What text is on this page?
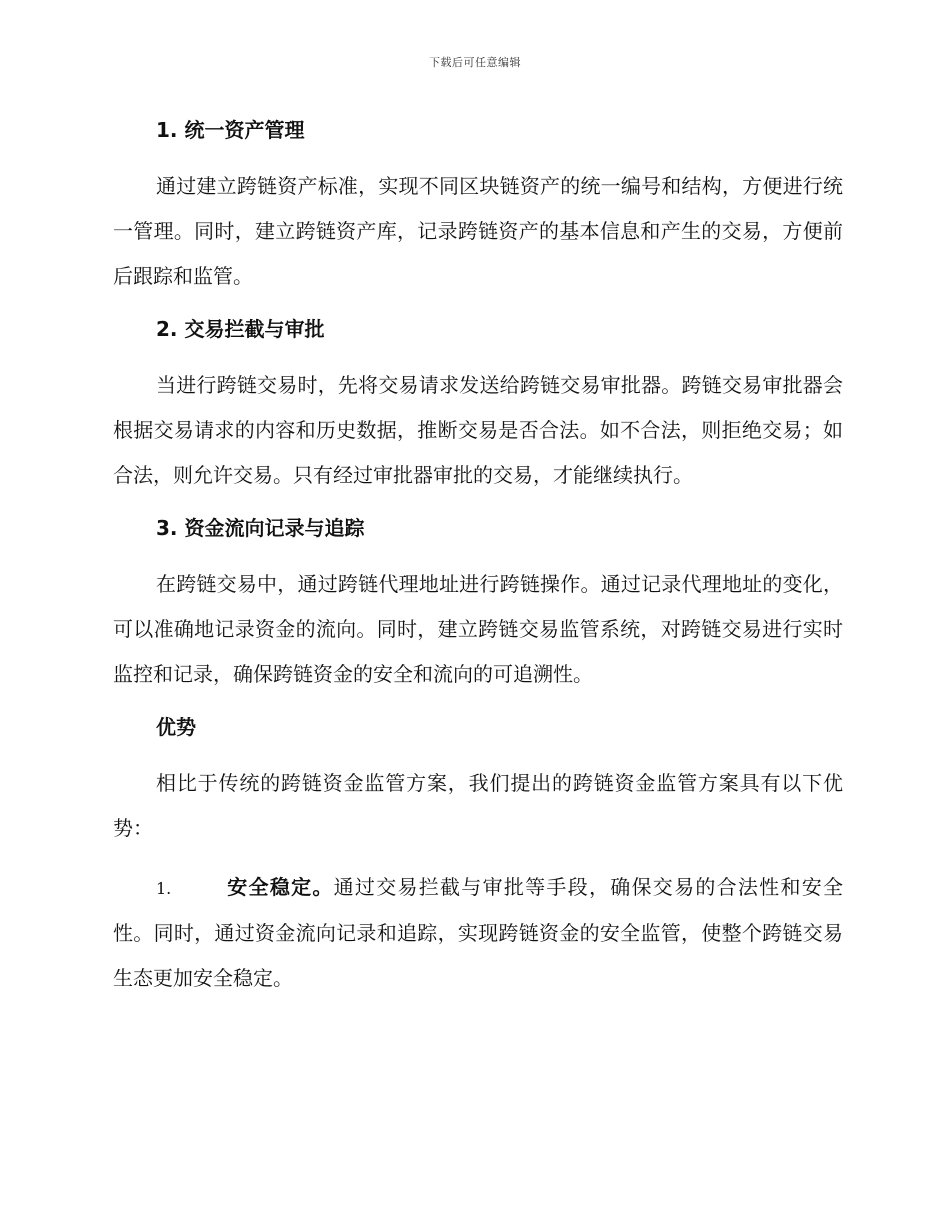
下载后可任意编辑

1. 统一资产管理

通过建立跨链资产标准，实现不同区块链资产的统一编号和结构，方便进行统一管理。同时，建立跨链资产库，记录跨链资产的基本信息和产生的交易，方便前后跟踪和监管。

2. 交易拦截与审批

当进行跨链交易时，先将交易请求发送给跨链交易审批器。跨链交易审批器会根据交易请求的内容和历史数据，推断交易是否合法。如不合法，则拒绝交易；如合法，则允许交易。只有经过审批器审批的交易，才能继续执行。

3. 资金流向记录与追踪

在跨链交易中，通过跨链代理地址进行跨链操作。通过记录代理地址的变化，可以准确地记录资金的流向。同时，建立跨链交易监管系统，对跨链交易进行实时监控和记录，确保跨链资金的安全和流向的可追溯性。

优势

相比于传统的跨链资金监管方案，我们提出的跨链资金监管方案具有以下优势：

1.	安全稳定。通过交易拦截与审批等手段，确保交易的合法性和安全性。同时，通过资金流向记录和追踪，实现跨链资金的安全监管，使整个跨链交易生态更加安全稳定。
